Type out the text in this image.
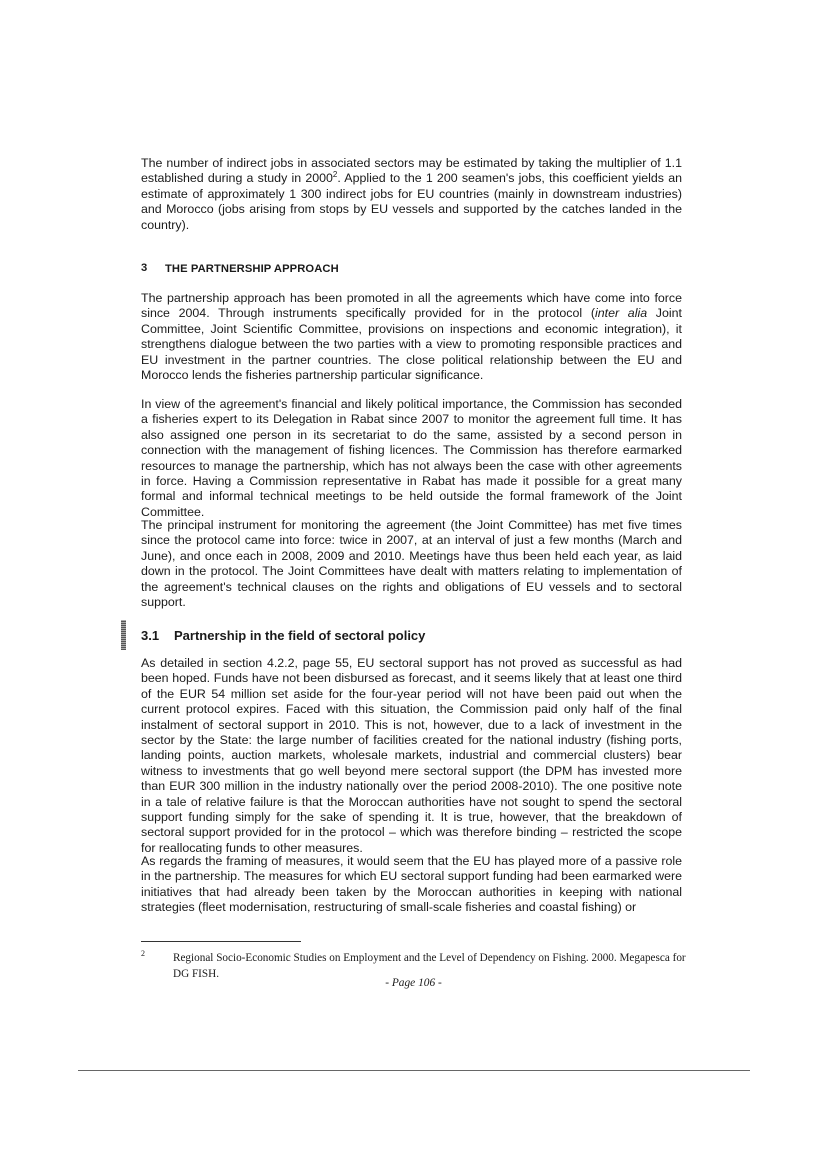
The number of indirect jobs in associated sectors may be estimated by taking the multiplier of 1.1 established during a study in 2000$^2$. Applied to the 1 200 seamen's jobs, this coefficient yields an estimate of approximately 1 300 indirect jobs for EU countries (mainly in downstream industries) and Morocco (jobs arising from stops by EU vessels and supported by the catches landed in the country).

3 THE PARTNERSHIP APPROACH

The partnership approach has been promoted in all the agreements which have come into force since 2004. Through instruments specifically provided for in the protocol (inter alia Joint Committee, Joint Scientific Committee, provisions on inspections and economic integration), it strengthens dialogue between the two parties with a view to promoting responsible practices and EU investment in the partner countries. The close political relationship between the EU and Morocco lends the fisheries partnership particular significance.

In view of the agreement's financial and likely political importance, the Commission has seconded a fisheries expert to its Delegation in Rabat since 2007 to monitor the agreement full time. It has also assigned one person in its secretariat to do the same, assisted by a second person in connection with the management of fishing licences. The Commission has therefore earmarked resources to manage the partnership, which has not always been the case with other agreements in force. Having a Commission representative in Rabat has made it possible for a great many formal and informal technical meetings to be held outside the formal framework of the Joint Committee.

The principal instrument for monitoring the agreement (the Joint Committee) has met five times since the protocol came into force: twice in 2007, at an interval of just a few months (March and June), and once each in 2008, 2009 and 2010. Meetings have thus been held each year, as laid down in the protocol. The Joint Committees have dealt with matters relating to implementation of the agreement's technical clauses on the rights and obligations of EU vessels and to sectoral support.

3.1 Partnership in the field of sectoral policy

As detailed in section 4.2.2, page 55, EU sectoral support has not proved as successful as had been hoped. Funds have not been disbursed as forecast, and it seems likely that at least one third of the EUR 54 million set aside for the four-year period will not have been paid out when the current protocol expires. Faced with this situation, the Commission paid only half of the final instalment of sectoral support in 2010. This is not, however, due to a lack of investment in the sector by the State: the large number of facilities created for the national industry (fishing ports, landing points, auction markets, wholesale markets, industrial and commercial clusters) bear witness to investments that go well beyond mere sectoral support (the DPM has invested more than EUR 300 million in the industry nationally over the period 2008-2010). The one positive note in a tale of relative failure is that the Moroccan authorities have not sought to spend the sectoral support funding simply for the sake of spending it. It is true, however, that the breakdown of sectoral support provided for in the protocol – which was therefore binding – restricted the scope for reallocating funds to other measures.

As regards the framing of measures, it would seem that the EU has played more of a passive role in the partnership. The measures for which EU sectoral support funding had been earmarked were initiatives that had already been taken by the Moroccan authorities in keeping with national strategies (fleet modernisation, restructuring of small-scale fisheries and coastal fishing) or

2	Regional Socio-Economic Studies on Employment and the Level of Dependency on Fishing. 2000. Megapesca for DG FISH.

- Page 106 -
